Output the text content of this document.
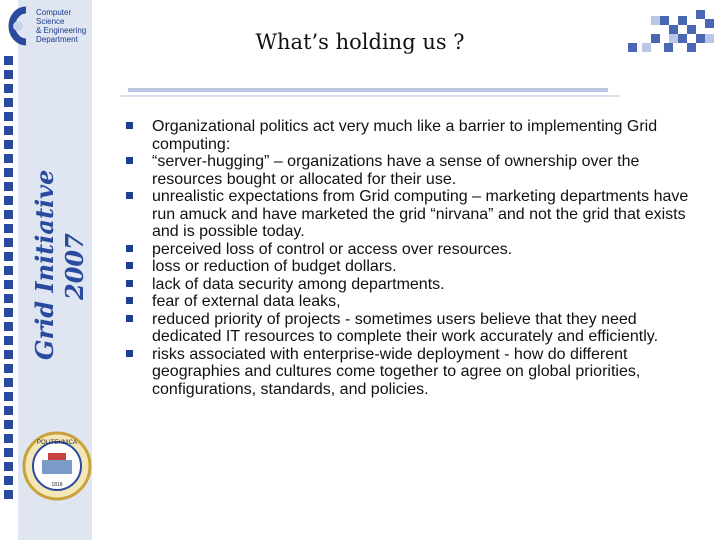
Computer Science
& Engineering
Department
Grid Initiative 2007
POLITEHNICA
1818
What’s holding us ?
Organizational politics act very much like a barrier to implementing Grid computing:
“server-hugging” – organizations have a sense of ownership over the resources bought or allocated for their use.
unrealistic expectations from Grid computing – marketing departments have run amuck and have marketed the grid “nirvana” and not the grid that exists and is possible today.
perceived loss of control or access over resources.
loss or reduction of budget dollars.
lack of data security among departments.
fear of external data leaks,
reduced priority of projects - sometimes users believe that they need dedicated IT resources to complete their work accurately and efficiently.
risks associated with enterprise-wide deployment - how do different geographies and cultures come together to agree on global priorities, configurations, standards, and policies.
